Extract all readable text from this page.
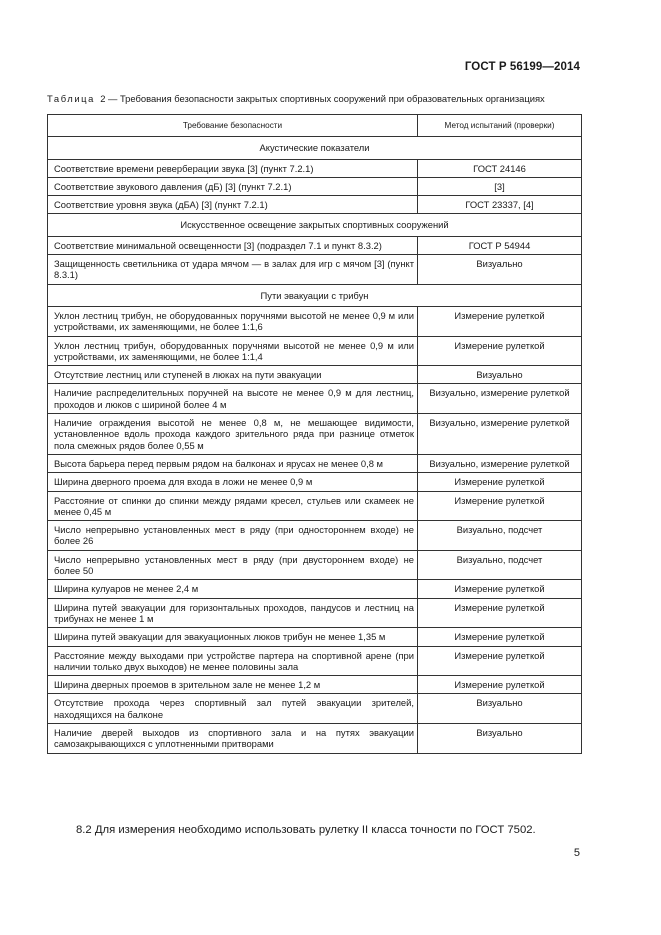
ГОСТ Р 56199—2014
Таблица 2 — Требования безопасности закрытых спортивных сооружений при образовательных организациях
Требование безопасности	Метод испытаний (проверки)
Акустические показатели	
Соответствие времени реверберации звука [3] (пункт 7.2.1)	ГОСТ 24146
Соответствие звукового давления (дБ) [3] (пункт 7.2.1)	[3]
Соответствие уровня звука (дБА) [3] (пункт 7.2.1)	ГОСТ 23337, [4]
Искусственное освещение закрытых спортивных сооружений	
Соответствие минимальной освещенности [3] (подраздел 7.1 и пункт 8.3.2)	ГОСТ Р 54944
Защищенность светильника от удара мячом — в залах для игр с мячом [3] (пункт 8.3.1)	Визуально
Пути эвакуации с трибун	
Уклон лестниц трибун, не оборудованных поручнями высотой не менее 0,9 м или устройствами, их заменяющими, не более 1:1,6	Измерение рулеткой
Уклон лестниц трибун, оборудованных поручнями высотой не менее 0,9 м или устройствами, их заменяющими, не более 1:1,4	Измерение рулеткой
Отсутствие лестниц или ступеней в люках на пути эвакуации	Визуально
Наличие распределительных поручней на высоте не менее 0,9 м для лестниц, проходов и люков с шириной более 4 м	Визуально, измерение рулеткой
Наличие ограждения высотой не менее 0,8 м, не мешающее видимости, установленное вдоль прохода каждого зрительного ряда при разнице отметок пола смежных рядов более 0,55 м	Визуально, измерение рулеткой
Высота барьера перед первым рядом на балконах и ярусах не менее 0,8 м	Визуально, измерение рулеткой
Ширина дверного проема для входа в ложи не менее 0,9 м	Измерение рулеткой
Расстояние от спинки до спинки между рядами кресел, стульев или скамеек не менее 0,45 м	Измерение рулеткой
Число непрерывно установленных мест в ряду (при одностороннем входе) не более 26	Визуально, подсчет
Число непрерывно установленных мест в ряду (при двустороннем входе) не более 50	Визуально, подсчет
Ширина кулуаров не менее 2,4 м	Измерение рулеткой
Ширина путей эвакуации для горизонтальных проходов, пандусов и лестниц на трибунах не менее 1 м	Измерение рулеткой
Ширина путей эвакуации для эвакуационных люков трибун не менее 1,35 м	Измерение рулеткой
Расстояние между выходами при устройстве партера на спортивной арене (при наличии только двух выходов) не менее половины зала	Измерение рулеткой
Ширина дверных проемов в зрительном зале не менее 1,2 м	Измерение рулеткой
Отсутствие прохода через спортивный зал путей эвакуации зрителей, находящихся на балконе	Визуально
Наличие дверей выходов из спортивного зала и на путях эвакуации самозакрывающихся с уплотненными притворами	Визуально
8.2 Для измерения необходимо использовать рулетку II класса точности по ГОСТ 7502.
5
